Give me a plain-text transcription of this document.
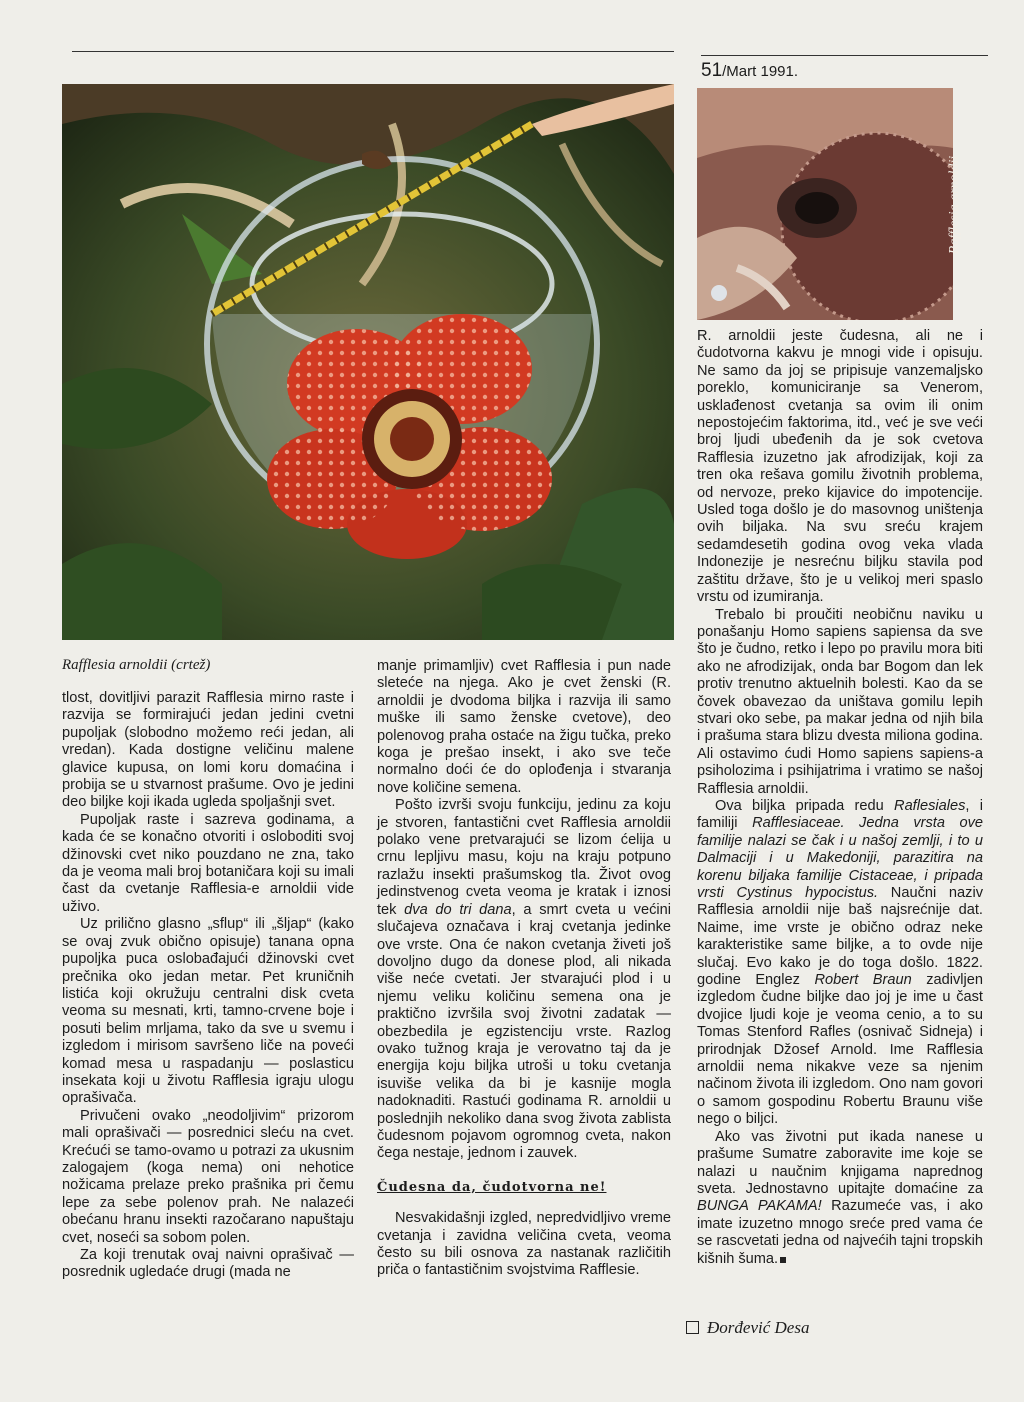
51/Mart 1991.
Rafflesia arnoldii (crtež)
Rafflesia arnoldii

tlost, dovitljivi parazit Rafflesia mirno raste i razvija se formirajući jedan jedini cvetni pupoljak (slobodno možemo reći jedan, ali vredan). Kada dostigne veličinu malene glavice kupusa, on lomi koru domaćina i probija se u stvarnost prašume. Ovo je jedini deo biljke koji ikada ugleda spoljašnji svet.

Pupoljak raste i sazreva godinama, a kada će se konačno otvoriti i osloboditi svoj džinovski cvet niko pouzdano ne zna, tako da je veoma mali broj botaničara koji su imali čast da cvetanje Rafflesia-e arnoldii vide uživo.

Uz prilično glasno „sflup“ ili „šljap“ (kako se ovaj zvuk obično opisuje) tanana opna pupoljka puca oslobađajući džinovski cvet prečnika oko jedan metar. Pet kruničnih listića koji okružuju centralni disk cveta veoma su mesnati, krti, tamno-crvene boje i posuti belim mrljama, tako da sve u svemu i izgledom i mirisom savršeno liče na poveći komad mesa u raspadanju — poslasticu insekata koji u životu Rafflesia igraju ulogu oprašivača.

Privučeni ovako „neodoljivim“ prizorom mali oprašivači — posrednici sleću na cvet. Krećući se tamo-ovamo u potrazi za ukusnim zalogajem (koga nema) oni nehotice nožicama prelaze preko prašnika pri čemu lepe za sebe polenov prah. Ne nalazeći obećanu hranu insekti razočarano napuštaju cvet, noseći sa sobom polen.

Za koji trenutak ovaj naivni oprašivač — posrednik ugledaće drugi (mada ne

manje primamljiv) cvet Rafflesia i pun nade sleteće na njega. Ako je cvet ženski (R. arnoldii je dvodoma biljka i razvija ili samo muške ili samo ženske cvetove), deo polenovog praha ostaće na žigu tučka, preko koga je prešao insekt, i ako sve teče normalno doći će do oplođenja i stvaranja nove količine semena.

Pošto izvrši svoju funkciju, jedinu za koju je stvoren, fantastični cvet Rafflesia arnoldii polako vene pretvarajući se lizom ćelija u crnu lepljivu masu, koju na kraju potpuno razlažu insekti prašumskog tla. Život ovog jedinstvenog cveta veoma je kratak i iznosi tek dva do tri dana, a smrt cveta u većini slučajeva označava i kraj cvetanja jedinke ove vrste. Ona će nakon cvetanja živeti još dovoljno dugo da donese plod, ali nikada više neće cvetati. Jer stvarajući plod i u njemu veliku količinu semena ona je praktično izvršila svoj životni zadatak — obezbedila je egzistenciju vrste. Razlog ovako tužnog kraja je verovatno taj da je energija koju biljka utroši u toku cvetanja isuviše velika da bi je kasnije mogla nadoknaditi. Rastući godinama R. arnoldii u poslednjih nekoliko dana svog života zablista čudesnom pojavom ogromnog cveta, nakon čega nestaje, jednom i zauvek.

Čudesna da, čudotvorna ne!

Nesvakidašnji izgled, nepredvidljivo vreme cvetanja i zavidna veličina cveta, veoma često su bili osnova za nastanak različitih priča o fantastičnim svojstvima Rafflesie.

R. arnoldii jeste čudesna, ali ne i čudotvorna kakvu je mnogi vide i opisuju. Ne samo da joj se pripisuje vanzemaljsko poreklo, komuniciranje sa Venerom, usklađenost cvetanja sa ovim ili onim nepostojećim faktorima, itd., već je sve veći broj ljudi ubeđenih da je sok cvetova Rafflesia izuzetno jak afrodizijak, koji za tren oka rešava gomilu životnih problema, od nervoze, preko kijavice do impotencije. Usled toga došlo je do masovnog uništenja ovih biljaka. Na svu sreću krajem sedamdesetih godina ovog veka vlada Indonezije je nesrećnu biljku stavila pod zaštitu države, što je u velikoj meri spaslo vrstu od izumiranja.

Trebalo bi proučiti neobičnu naviku u ponašanju Homo sapiens sapiensa da sve što je čudno, retko i lepo po pravilu mora biti ako ne afrodizijak, onda bar Bogom dan lek protiv trenutno aktuelnih bolesti. Kao da se čovek obavezao da uništava gomilu lepih stvari oko sebe, pa makar jedna od njih bila i prašuma stara blizu dvesta miliona godina. Ali ostavimo ćudi Homo sapiens sapiens-a psiholozima i psihijatrima i vratimo se našoj Rafflesia arnoldii.

Ova biljka pripada redu Raflesiales, i familiji Rafflesiaceae. Jedna vrsta ove familije nalazi se čak i u našoj zemlji, i to u Dalmaciji i u Makedoniji, parazitira na korenu biljaka familije Cistaceae, i pripada vrsti Cystinus hypocistus. Naučni naziv Rafflesia arnoldii nije baš najsrećnije dat. Naime, ime vrste je obično odraz neke karakteristike same biljke, a to ovde nije slučaj. Evo kako je do toga došlo. 1822. godine Englez Robert Braun zadivljen izgledom čudne biljke dao joj je ime u čast dvojice ljudi koje je veoma cenio, a to su Tomas Stenford Rafles (osnivač Sidneja) i prirodnjak Džosef Arnold. Ime Rafflesia arnoldii nema nikakve veze sa njenim načinom života ili izgledom. Ono nam govori o samom gospodinu Robertu Braunu više nego o biljci.

Ako vas životni put ikada nanese u prašume Sumatre zaboravite ime koje se nalazi u naučnim knjigama naprednog sveta. Jednostavno upitajte domaćine za BUNGA PAKAMA! Razumeće vas, i ako imate izuzetno mnogo sreće pred vama će se rascvetati jedna od najvećih tajni tropskih kišnih šuma.

Đorđević Desa
